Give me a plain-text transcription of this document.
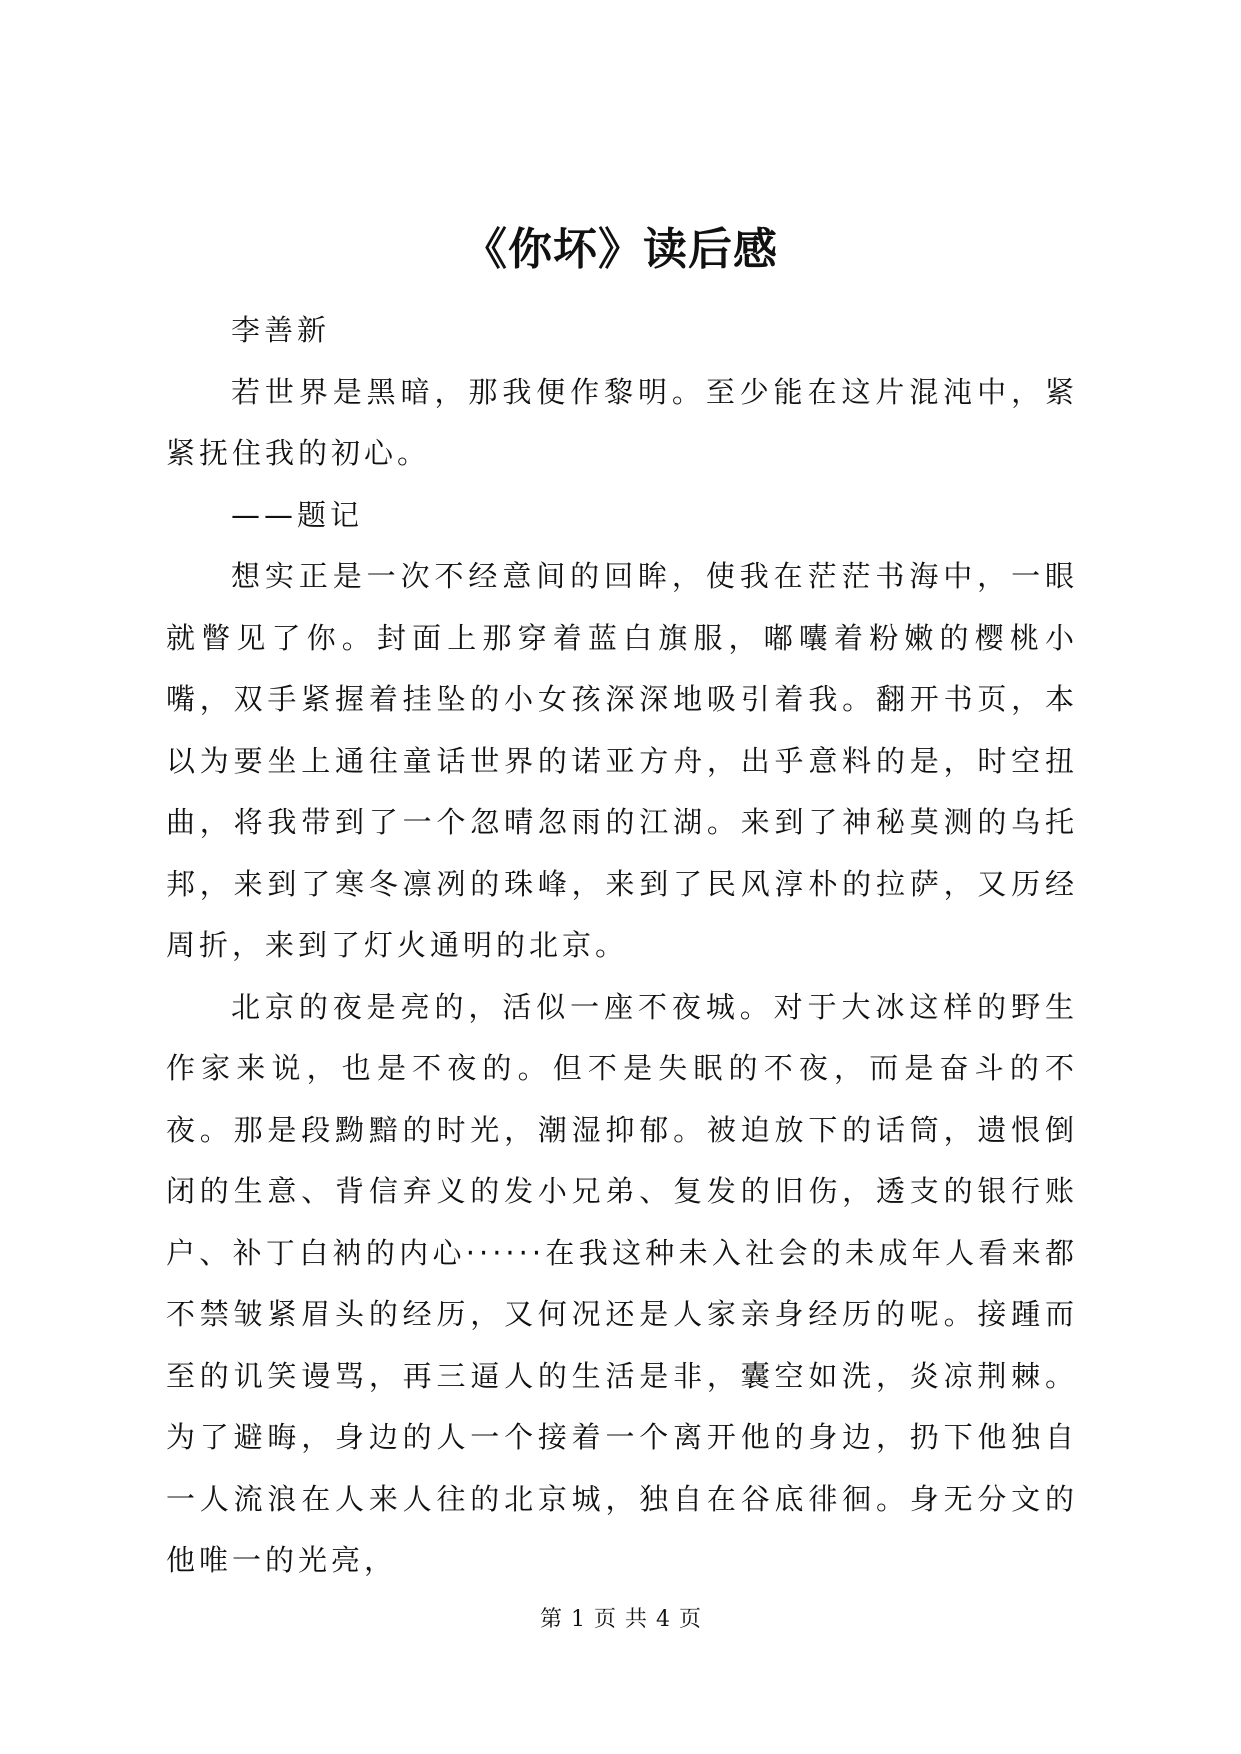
《你坏》读后感

李善新

若世界是黑暗，那我便作黎明。至少能在这片混沌中，紧紧抚住我的初心。

——题记

想实正是一次不经意间的回眸，使我在茫茫书海中，一眼就瞥见了你。封面上那穿着蓝白旗服，嘟囔着粉嫩的樱桃小嘴，双手紧握着挂坠的小女孩深深地吸引着我。翻开书页，本以为要坐上通往童话世界的诺亚方舟，出乎意料的是，时空扭曲，将我带到了一个忽晴忽雨的江湖。来到了神秘莫测的乌托邦，来到了寒冬凛冽的珠峰，来到了民风淳朴的拉萨，又历经周折，来到了灯火通明的北京。

北京的夜是亮的，活似一座不夜城。对于大冰这样的野生作家来说，也是不夜的。但不是失眠的不夜，而是奋斗的不夜。那是段黝黯的时光，潮湿抑郁。被迫放下的话筒，遗恨倒闭的生意、背信弃义的发小兄弟、复发的旧伤，透支的银行账户、补丁白衲的内心······在我这种未入社会的未成年人看来都不禁皱紧眉头的经历，又何况还是人家亲身经历的呢。接踵而至的讥笑谩骂，再三逼人的生活是非，囊空如洗，炎凉荆棘。为了避晦，身边的人一个接着一个离开他的身边，扔下他独自一人流浪在人来人往的北京城，独自在谷底徘徊。身无分文的他唯一的光亮，

第 1 页 共 4 页
